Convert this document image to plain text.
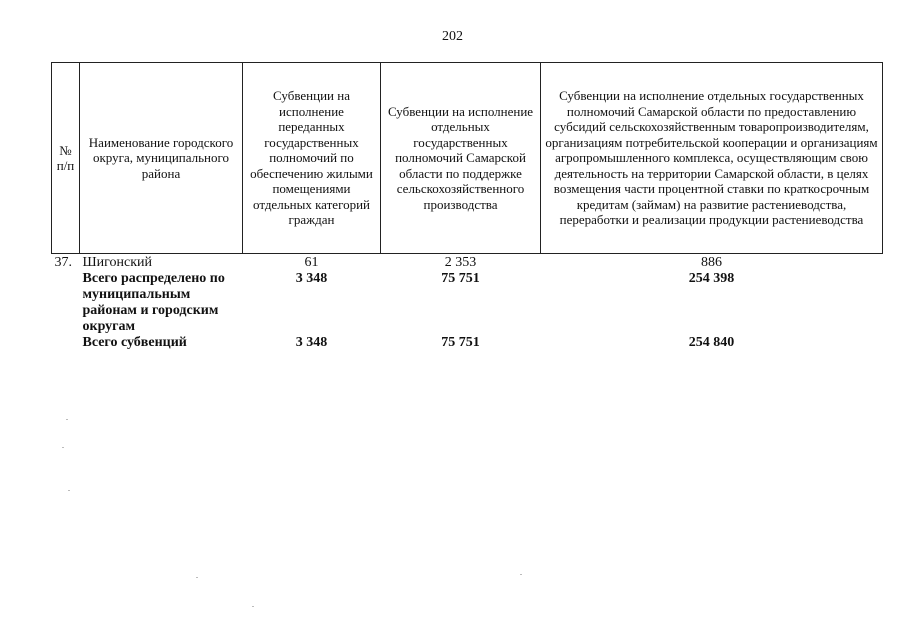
202
№ п/п	Наименование городского округа, муниципального района	Субвенции на исполнение переданных государственных полномочий по обеспечению жилыми помещениями отдельных категорий граждан	Субвенции на исполнение отдельных государственных полномочий Самарской области по поддержке сельскохозяйственного производства	Субвенции на исполнение отдельных государственных полномочий Самарской области по предоставлению субсидий сельскохозяйственным товаропроизводителям, организациям потребительской кооперации и организациям агропромышленного комплекса, осуществляющим свою деятельность на территории Самарской области, в целях возмещения части процентной ставки по краткосрочным кредитам (займам) на развитие растениеводства, переработки и реализации продукции растениеводства
37.	Шигонский	61	2 353	886
	Всего распределено по муниципальным районам и городским округам	3 348	75 751	254 398
	Всего субвенций	3 348	75 751	254 840
